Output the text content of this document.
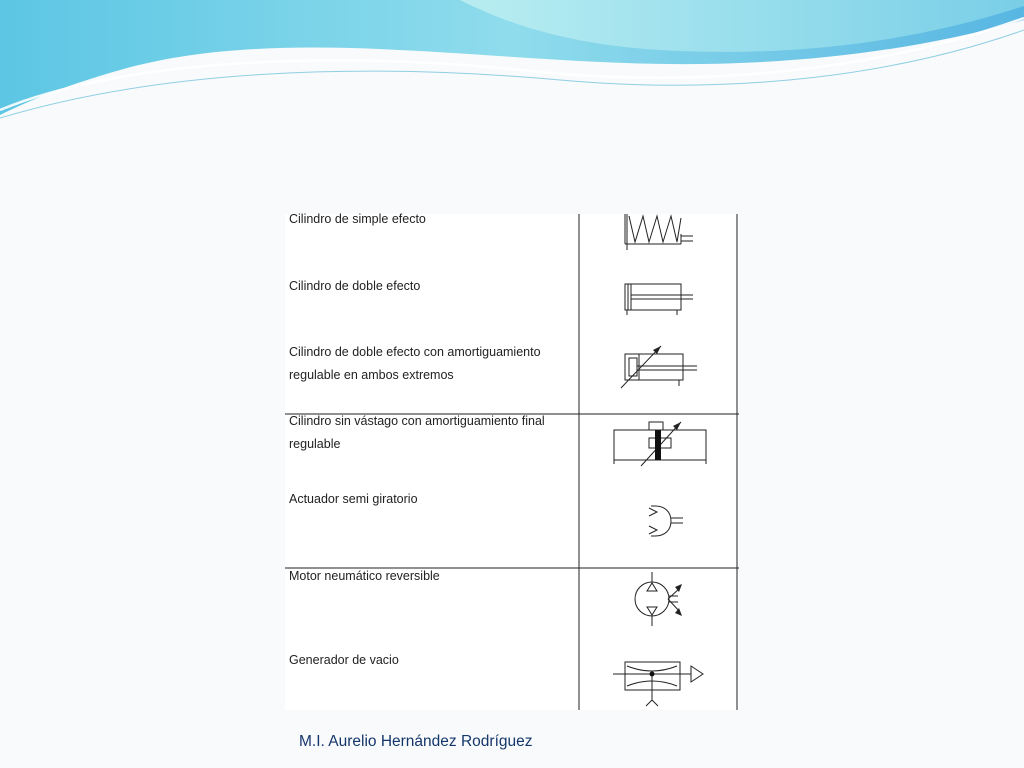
Cilindro de simple efecto
Cilindro de doble efecto
Cilindro de doble efecto con amortiguamiento regulable en ambos extremos
Cilindro sin vástago con amortiguamiento final regulable
Actuador semi giratorio
Motor neumático reversible
Generador de vacio
M.I. Aurelio Hernández Rodríguez
